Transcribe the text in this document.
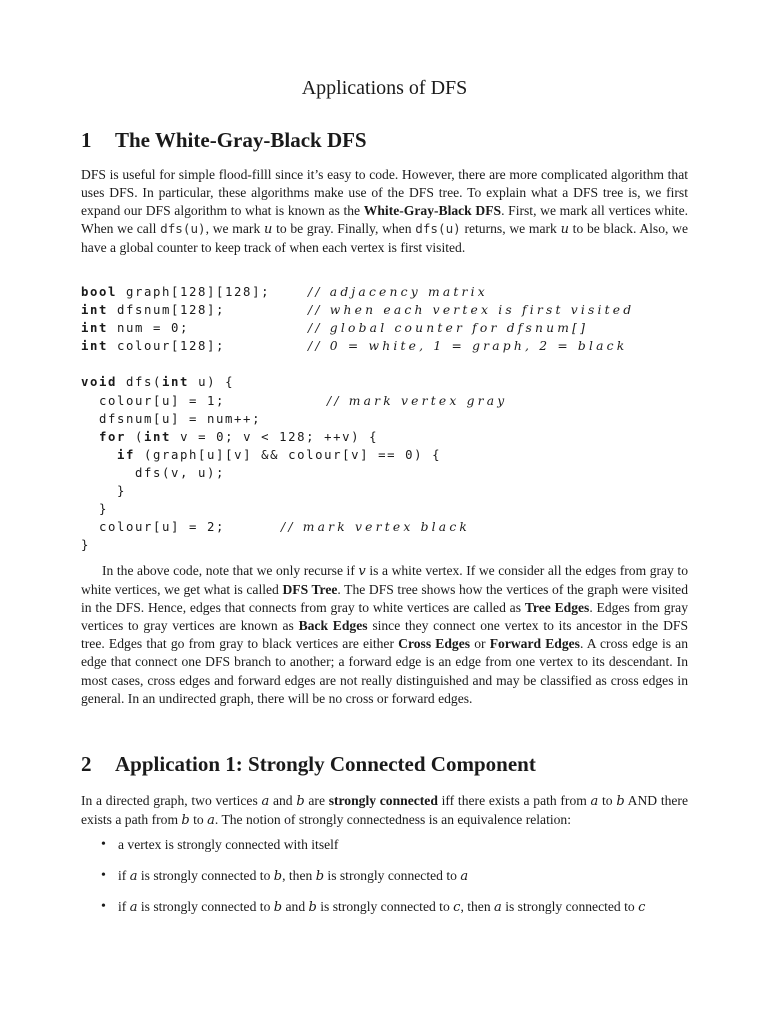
Applications of DFS
1 The White-Gray-Black DFS

DFS is useful for simple flood-filll since it’s easy to code. However, there are more complicated algorithm that uses DFS. In particular, these algorithms make use of the DFS tree. To explain what a DFS tree is, we first expand our DFS algorithm to what is known as the White-Gray-Black DFS. First, we mark all vertices white. When we call dfs(u), we mark u to be gray. Finally, when dfs(u) returns, we mark u to be black. Also, we have a global counter to keep track of when each vertex is first visited.

bool graph[128][128];	// adjacency matrix

int dfsnum[128];	// when each vertex is first visited

int num = 0;	// global counter for dfsnum[]

int colour[128];	// 0 = white, 1 = graph, 2 = black

void dfs(int u) {
colour[u] = 1;	// mark vertex gray

dfsnum[u] = num++;
for (int v = 0; v < 128; ++v) {
if (graph[u][v] && colour[v] == 0) {
dfs(v, u);
}
}
colour[u] = 2;	// mark vertex black

}

In the above code, note that we only recurse if v is a white vertex. If we consider all the edges from gray to white vertices, we get what is called DFS Tree. The DFS tree shows how the vertices of the graph were visited in the DFS. Hence, edges that connects from gray to white vertices are called as Tree Edges. Edges from gray vertices to gray vertices are known as Back Edges since they connect one vertex to its ancestor in the DFS tree. Edges that go from gray to black vertices are either Cross Edges or Forward Edges. A cross edge is an edge that connect one DFS branch to another; a forward edge is an edge from one vertex to its descendant. In most cases, cross edges and forward edges are not really distinguished and may be classified as cross edges in general. In an undirected graph, there will be no cross or forward edges.

2 Application 1: Strongly Connected Component

In a directed graph, two vertices a and b are strongly connected iff there exists a path from a to b AND there exists a path from b to a. The notion of strongly connectedness is an equivalence relation:

• a vertex is strongly connected with itself
• if a is strongly connected to b, then b is strongly connected to a
• if a is strongly connected to b and b is strongly connected to c, then a is strongly connected to c
